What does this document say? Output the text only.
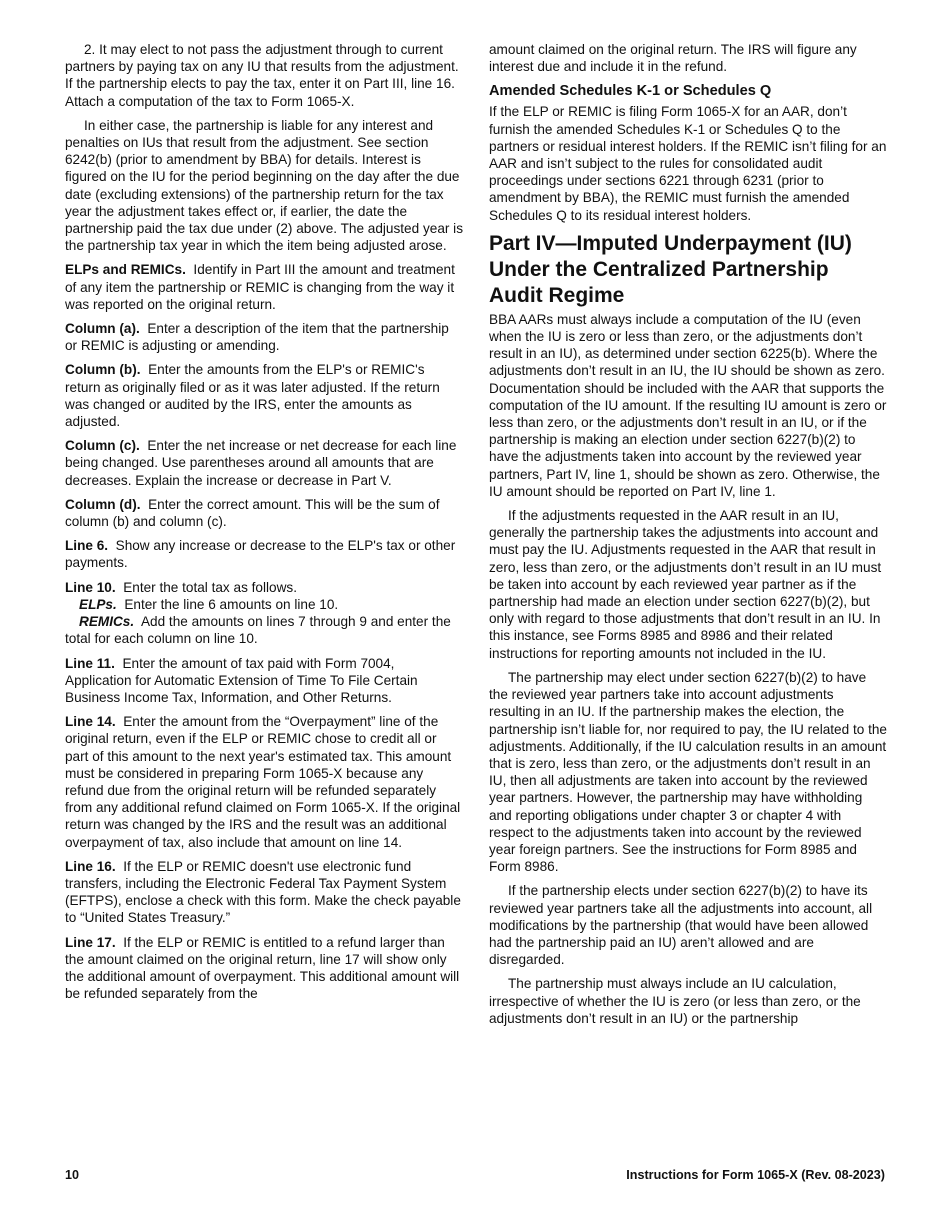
2. It may elect to not pass the adjustment through to current partners by paying tax on any IU that results from the adjustment. If the partnership elects to pay the tax, enter it on Part III, line 16. Attach a computation of the tax to Form 1065-X.

In either case, the partnership is liable for any interest and penalties on IUs that result from the adjustment. See section 6242(b) (prior to amendment by BBA) for details. Interest is figured on the IU for the period beginning on the day after the due date (excluding extensions) of the partnership return for the tax year the adjustment takes effect or, if earlier, the date the partnership paid the tax due under (2) above. The adjusted year is the partnership tax year in which the item being adjusted arose.

ELPs and REMICs. Identify in Part III the amount and treatment of any item the partnership or REMIC is changing from the way it was reported on the original return.

Column (a). Enter a description of the item that the partnership or REMIC is adjusting or amending.

Column (b). Enter the amounts from the ELP's or REMIC's return as originally filed or as it was later adjusted. If the return was changed or audited by the IRS, enter the amounts as adjusted.

Column (c). Enter the net increase or net decrease for each line being changed. Use parentheses around all amounts that are decreases. Explain the increase or decrease in Part V.

Column (d). Enter the correct amount. This will be the sum of column (b) and column (c).

Line 6. Show any increase or decrease to the ELP's tax or other payments.

Line 10. Enter the total tax as follows.

ELPs. Enter the line 6 amounts on line 10.

REMICs. Add the amounts on lines 7 through 9 and enter the total for each column on line 10.

Line 11. Enter the amount of tax paid with Form 7004, Application for Automatic Extension of Time To File Certain Business Income Tax, Information, and Other Returns.

Line 14. Enter the amount from the “Overpayment” line of the original return, even if the ELP or REMIC chose to credit all or part of this amount to the next year's estimated tax. This amount must be considered in preparing Form 1065-X because any refund due from the original return will be refunded separately from any additional refund claimed on Form 1065-X. If the original return was changed by the IRS and the result was an additional overpayment of tax, also include that amount on line 14.

Line 16. If the ELP or REMIC doesn't use electronic fund transfers, including the Electronic Federal Tax Payment System (EFTPS), enclose a check with this form. Make the check payable to “United States Treasury.”

Line 17. If the ELP or REMIC is entitled to a refund larger than the amount claimed on the original return, line 17 will show only the additional amount of overpayment. This additional amount will be refunded separately from the

amount claimed on the original return. The IRS will figure any interest due and include it in the refund.

Amended Schedules K-1 or Schedules Q

If the ELP or REMIC is filing Form 1065-X for an AAR, don’t furnish the amended Schedules K-1 or Schedules Q to the partners or residual interest holders. If the REMIC isn’t filing for an AAR and isn’t subject to the rules for consolidated audit proceedings under sections 6221 through 6231 (prior to amendment by BBA), the REMIC must furnish the amended Schedules Q to its residual interest holders.

Part IV—Imputed Underpayment (IU) Under the Centralized Partnership Audit Regime

BBA AARs must always include a computation of the IU (even when the IU is zero or less than zero, or the adjustments don’t result in an IU), as determined under section 6225(b). Where the adjustments don’t result in an IU, the IU should be shown as zero. Documentation should be included with the AAR that supports the computation of the IU amount. If the resulting IU amount is zero or less than zero, or the adjustments don’t result in an IU, or if the partnership is making an election under section 6227(b)(2) to have the adjustments taken into account by the reviewed year partners, Part IV, line 1, should be shown as zero. Otherwise, the IU amount should be reported on Part IV, line 1.

If the adjustments requested in the AAR result in an IU, generally the partnership takes the adjustments into account and must pay the IU. Adjustments requested in the AAR that result in zero, less than zero, or the adjustments don’t result in an IU must be taken into account by each reviewed year partner as if the partnership had made an election under section 6227(b)(2), but only with regard to those adjustments that don’t result in an IU. In this instance, see Forms 8985 and 8986 and their related instructions for reporting amounts not included in the IU.

The partnership may elect under section 6227(b)(2) to have the reviewed year partners take into account adjustments resulting in an IU. If the partnership makes the election, the partnership isn’t liable for, nor required to pay, the IU related to the adjustments. Additionally, if the IU calculation results in an amount that is zero, less than zero, or the adjustments don’t result in an IU, then all adjustments are taken into account by the reviewed year partners. However, the partnership may have withholding and reporting obligations under chapter 3 or chapter 4 with respect to the adjustments taken into account by the reviewed year foreign partners. See the instructions for Form 8985 and Form 8986.

If the partnership elects under section 6227(b)(2) to have its reviewed year partners take all the adjustments into account, all modifications by the partnership (that would have been allowed had the partnership paid an IU) aren’t allowed and are disregarded.

The partnership must always include an IU calculation, irrespective of whether the IU is zero (or less than zero, or the adjustments don’t result in an IU) or the partnership

10	Instructions for Form 1065-X (Rev. 08-2023)
